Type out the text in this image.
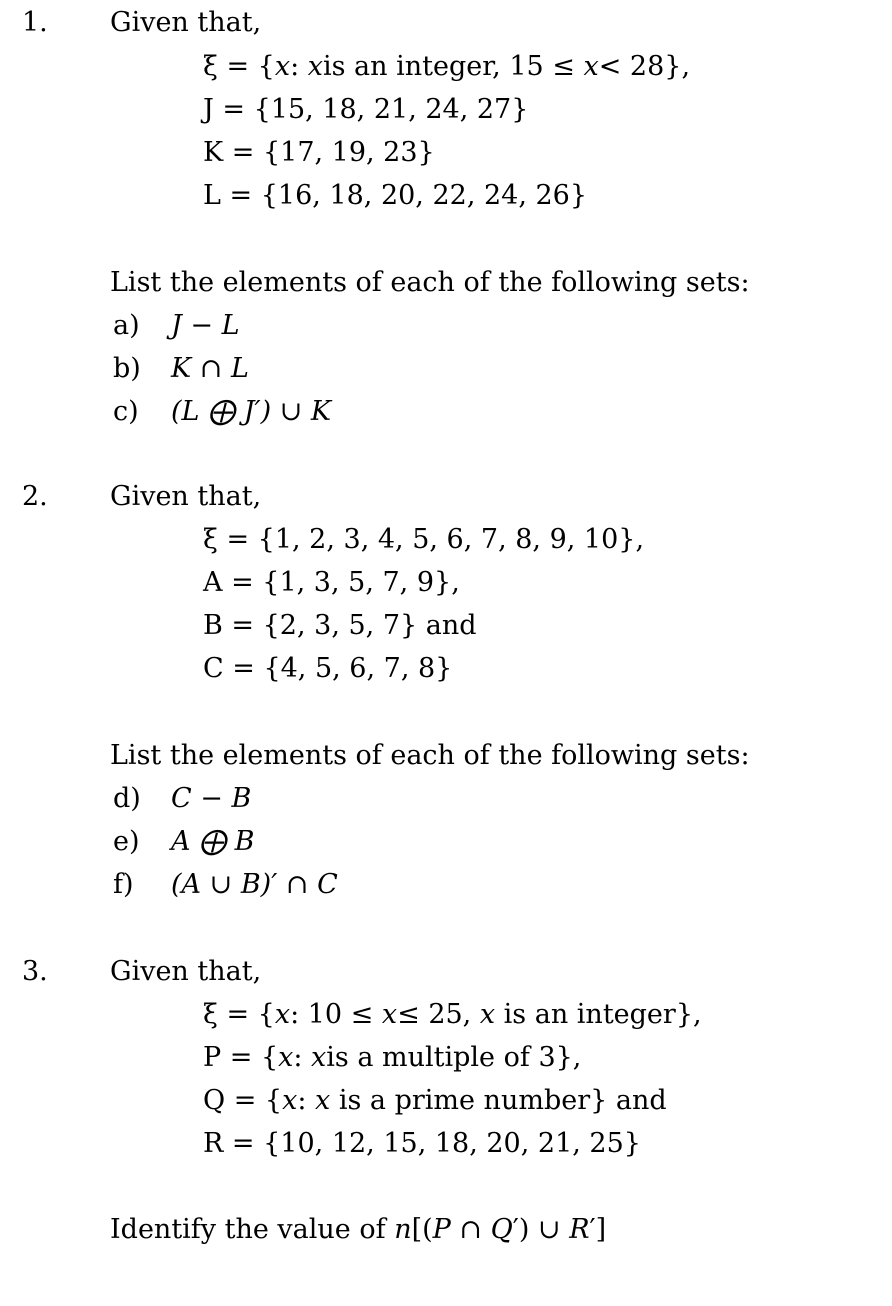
1. Given that,
ξ = {𝑥: 𝑥is an integer, 15 ≤ 𝑥< 28},
J = {15, 18, 21, 24, 27}
K = {17, 19, 23}
L = {16, 18, 20, 22, 24, 26}
List the elements of each of the following sets:
a) 𝐽 − 𝐿
b) 𝐾 ∩ 𝐿
c) (𝐿 ⨁ 𝐽′) ∪ 𝐾
2. Given that,
ξ = {1, 2, 3, 4, 5, 6, 7, 8, 9, 10},
A = {1, 3, 5, 7, 9},
B = {2, 3, 5, 7} and
C = {4, 5, 6, 7, 8}
List the elements of each of the following sets:
d) 𝐶 − 𝐵
e) 𝐴 ⨁ 𝐵
f) (𝐴 ∪ 𝐵)′ ∩ 𝐶
3. Given that,
ξ = {𝑥: 10 ≤ 𝑥≤ 25, 𝑥 is an integer},
P = {𝑥: 𝑥is a multiple of 3},
Q = {𝑥: 𝑥 is a prime number} and
R = {10, 12, 15, 18, 20, 21, 25}
Identify the value of 𝑛[(𝑃 ∩ 𝑄′) ∪ 𝑅′]
